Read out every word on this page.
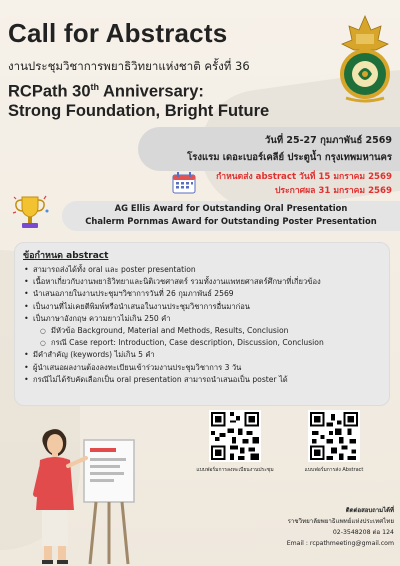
Call for Abstracts
งานประชุมวิชาการพยาธิวิทยาแห่งชาติ ครั้งที่ 36
RCPath 30th Anniversary:
Strong Foundation, Bright Future
วันที่ 25-27 กุมภาพันธ์ 2569
โรงแรม เดอะเบอร์เคลีย์ ประตูน้ำ กรุงเทพมหานคร
กำหนดส่ง abstract วันที่ 15 มกราคม 2569
ประกาศผล 31 มกราคม 2569
AG Ellis Award for Outstanding Oral Presentation
Chalerm Pornmas Award for Outstanding Poster Presentation
ข้อกำหนด abstract
• สามารถส่งได้ทั้ง oral และ poster presentation
• เนื้อหาเกี่ยวกับงานพยาธิวิทยาและนิติเวชศาสตร์ รวมทั้งงานแพทยศาสตร์ศึกษาที่เกี่ยวข้อง
• นำเสนอภายในงานประชุมฯวิชาการวันที่ 26 กุมภาพันธ์ 2569
• เป็นงานที่ไม่เคยตีพิมพ์หรือนำเสนอในงานประชุมวิชาการอื่นมาก่อน
• เป็นภาษาอังกฤษ ความยาวไม่เกิน 250 คำ
○ มีหัวข้อ Background, Material and Methods, Results, Conclusion
○ กรณี Case report: Introduction, Case description, Discussion, Conclusion
• มีคำสำคัญ (keywords) ไม่เกิน 5 คำ
• ผู้นำเสนอผลงานต้องลงทะเบียนเข้าร่วมงานประชุมวิชาการ 3 วัน
• กรณีไม่ได้รับคัดเลือกเป็น oral presentation สามารถนำเสนอเป็น poster ได้
แบบฟอร์มการลงทะเบียนงานประชุม	แบบฟอร์มการส่ง Abstract
ติดต่อสอบถามได้ที่
ราชวิทยาลัยพยาธิแพทย์แห่งประเทศไทย
02-3548208 ต่อ 124
Email : rcpathmeeting@gmail.com
